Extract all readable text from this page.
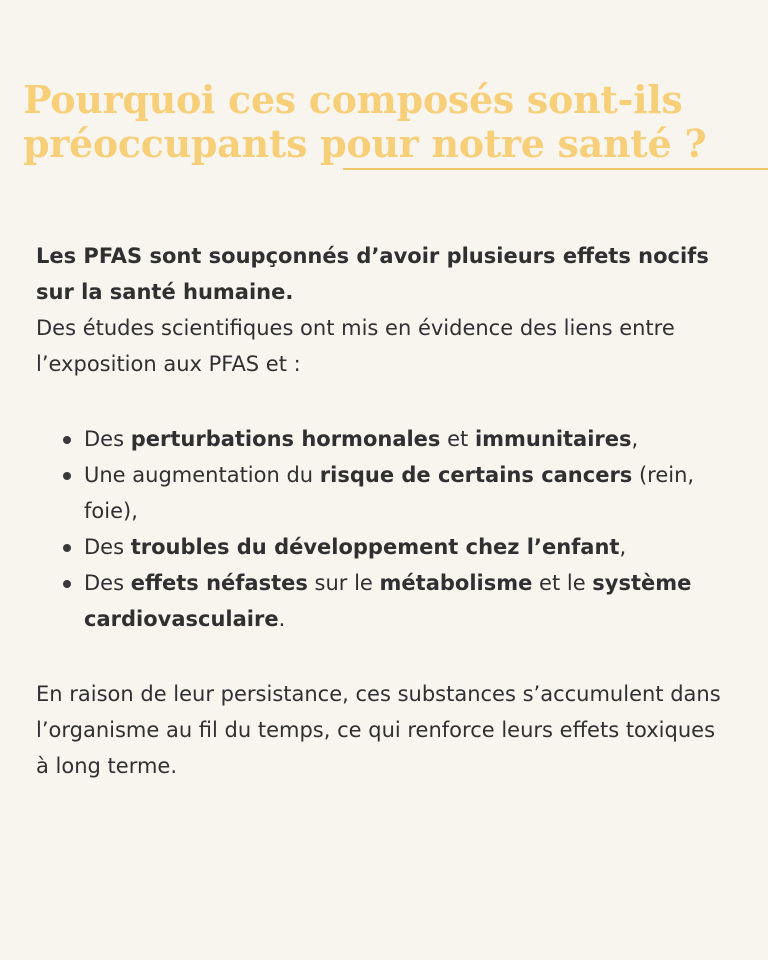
Pourquoi ces composés sont-ils
préoccupants pour notre santé ?

Les PFAS sont soupçonnés d’avoir plusieurs effets nocifs sur la santé humaine.

Des études scientifiques ont mis en évidence des liens entre l’exposition aux PFAS et :

Des perturbations hormonales et immunitaires,
Une augmentation du risque de certains cancers (rein, foie),
Des troubles du développement chez l’enfant,
Des effets néfastes sur le métabolisme et le système cardiovasculaire.

En raison de leur persistance, ces substances s’accumulent dans l’organisme au fil du temps, ce qui renforce leurs effets toxiques à long terme.
